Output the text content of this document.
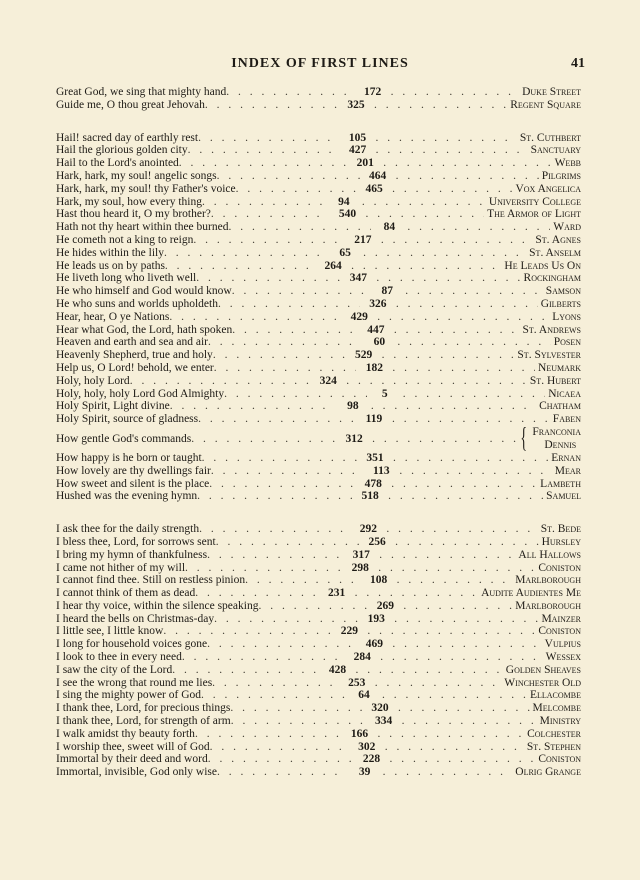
INDEX OF FIRST LINES	41
Great God, we sing that mighty hand . . .	172 . . .	Duke Street
Guide me, O thou great Jehovah . . .	325 . . .	Regent Square
Hail! sacred day of earthly rest . . .	105 . . .	St. Cuthbert
Hail the glorious golden city . . .	427 . . .	Sanctuary
Hail to the Lord's anointed . . .	201 . . .	Webb
Hark, hark, my soul! angelic songs . . .	464 . . .	Pilgrims
Hark, hark, my soul! thy Father's voice . . .	465 . . .	Vox Angelica
Hark, my soul, how every thing . . .	94 . . .	University College
Hast thou heard it, O my brother? . . .	540 . . .	The Armor of Light
Hath not thy heart within thee burned . . .	84 . . .	Ward
He cometh not a king to reign . . .	217 . . .	St. Agnes
He hides within the lily . . .	65 . . .	St. Anselm
He leads us on by paths . . .	264 . . .	He Leads Us On
He liveth long who liveth well . . .	347 . . .	Rockingham
He who himself and God would know . . .	87 . . .	Samson
He who suns and worlds upholdeth . . .	326 . . .	Gilberts
Hear, hear, O ye Nations . . .	429 . . .	Lyons
Hear what God, the Lord, hath spoken . . .	447 . . .	St. Andrews
Heaven and earth and sea and air . . .	60 . . .	Posen
Heavenly Shepherd, true and holy . . .	529 . . .	St. Sylvester
Help us, O Lord! behold, we enter . . .	182 . . .	Neumark
Holy, holy Lord . . .	324 . . .	St. Hubert
Holy, holy, holy Lord God Almighty . . .	5 . . .	Nicaea
Holy Spirit, Light divine . . .	98 . . .	Chatham
Holy Spirit, source of gladness . . .	119 . . .	Faben
How gentle God's commands . . .	312 . . .	{ Franconia
Dennis
How happy is he born or taught . . .	351 . . .	Ernan
How lovely are thy dwellings fair . . .	113 . . .	Mear
How sweet and silent is the place . . .	478 . . .	Lambeth
Hushed was the evening hymn . . .	518 . . .	Samuel
I ask thee for the daily strength . . .	292 . . .	St. Bede
I bless thee, Lord, for sorrows sent . . .	256 . . .	Hursley
I bring my hymn of thankfulness . . .	317 . . .	All Hallows
I came not hither of my will . . .	298 . . .	Coniston
I cannot find thee. Still on restless pinion . . .	108 . . .	Marlborough
I cannot think of them as dead . . .	231 . . .	Audite Audientes Me
I hear thy voice, within the silence speaking . . .	269 . . .	Marlborough
I heard the bells on Christmas-day . . .	193 . . .	Mainzer
I little see, I little know . . .	229 . . .	Coniston
I long for household voices gone . . .	469 . . .	Vulpius
I look to thee in every need . . .	284 . . .	Wessex
I saw the city of the Lord . . .	428 . . .	Golden Sheaves
I see the wrong that round me lies . . .	253 . . .	Winchester Old
I sing the mighty power of God . . .	64 . . .	Ellacombe
I thank thee, Lord, for precious things . . .	320 . . .	Melcombe
I thank thee, Lord, for strength of arm . . .	334 . . .	Ministry
I walk amidst thy beauty forth . . .	166 . . .	Colchester
I worship thee, sweet will of God . . .	302 . . .	St. Stephen
Immortal by their deed and word . . .	228 . . .	Coniston
Immortal, invisible, God only wise . . .	39 . . .	Olrig Grange
